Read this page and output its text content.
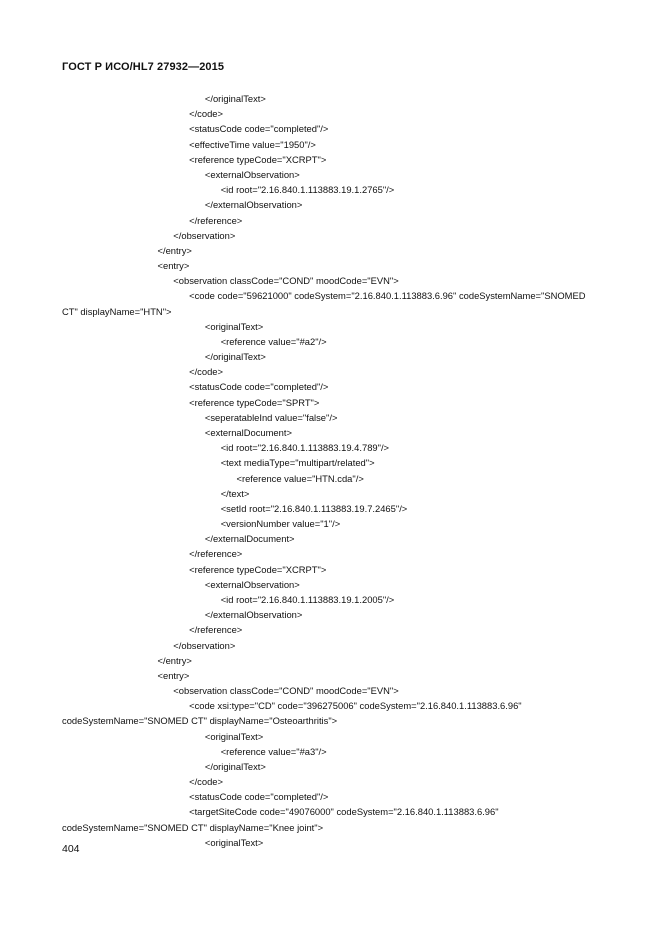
ГОСТ Р ИСО/HL7 27932—2015
</originalText>
</code>
<statusCode code="completed"/>
<effectiveTime value="1950"/>
<reference typeCode="XCRPT">
<externalObservation>
<id root="2.16.840.1.113883.19.1.2765"/>
</externalObservation>
</reference>
</observation>
</entry>
<entry>
<observation classCode="COND" moodCode="EVN">
<code code="59621000" codeSystem="2.16.840.1.113883.6.96" codeSystemName="SNOMED
CT" displayName="HTN">
<originalText>
<reference value="#a2"/>
</originalText>
</code>
<statusCode code="completed"/>
<reference typeCode="SPRT">
<seperatableInd value="false"/>
<externalDocument>
<id root="2.16.840.1.113883.19.4.789"/>
<text mediaType="multipart/related">
<reference value="HTN.cda"/>
</text>
<setId root="2.16.840.1.113883.19.7.2465"/>
<versionNumber value="1"/>
</externalDocument>
</reference>
<reference typeCode="XCRPT">
<externalObservation>
<id root="2.16.840.1.113883.19.1.2005"/>
</externalObservation>
</reference>
</observation>
</entry>
<entry>
<observation classCode="COND" moodCode="EVN">
<code xsi:type="CD" code="396275006" codeSystem="2.16.840.1.113883.6.96"
codeSystemName="SNOMED CT" displayName="Osteoarthritis">
<originalText>
<reference value="#a3"/>
</originalText>
</code>
<statusCode code="completed"/>
<targetSiteCode code="49076000" codeSystem="2.16.840.1.113883.6.96"
codeSystemName="SNOMED CT" displayName="Knee joint">
<originalText>
404
